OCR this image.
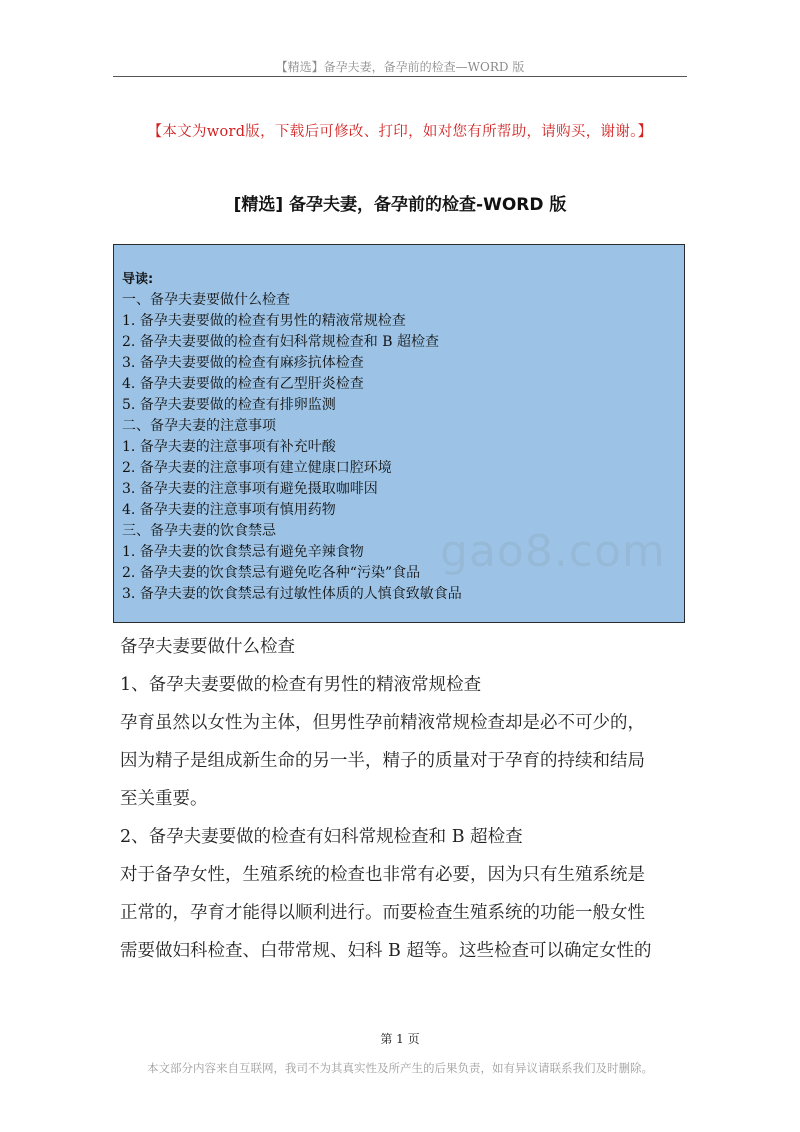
【精选】备孕夫妻，备孕前的检查—WORD 版
【本文为word版，下载后可修改、打印，如对您有所帮助，请购买，谢谢。】
[精选] 备孕夫妻，备孕前的检查-WORD 版
导读:
一、备孕夫妻要做什么检查
1. 备孕夫妻要做的检查有男性的精液常规检查
2. 备孕夫妻要做的检查有妇科常规检查和 B 超检查
3. 备孕夫妻要做的检查有麻疹抗体检查
4. 备孕夫妻要做的检查有乙型肝炎检查
5. 备孕夫妻要做的检查有排卵监测
二、备孕夫妻的注意事项
1. 备孕夫妻的注意事项有补充叶酸
2. 备孕夫妻的注意事项有建立健康口腔环境
3. 备孕夫妻的注意事项有避免摄取咖啡因
4. 备孕夫妻的注意事项有慎用药物
三、备孕夫妻的饮食禁忌
1. 备孕夫妻的饮食禁忌有避免辛辣食物
2. 备孕夫妻的饮食禁忌有避免吃各种“污染”食品
3. 备孕夫妻的饮食禁忌有过敏性体质的人慎食致敏食品
gao8.com

备孕夫妻要做什么检查

1、备孕夫妻要做的检查有男性的精液常规检查

孕育虽然以女性为主体，但男性孕前精液常规检查却是必不可少的，

因为精子是组成新生命的另一半，精子的质量对于孕育的持续和结局

至关重要。

2、备孕夫妻要做的检查有妇科常规检查和 B 超检查

对于备孕女性，生殖系统的检查也非常有必要，因为只有生殖系统是

正常的，孕育才能得以顺利进行。而要检查生殖系统的功能一般女性

需要做妇科检查、白带常规、妇科 B 超等。这些检查可以确定女性的

第 1 页
本文部分内容来自互联网，我司不为其真实性及所产生的后果负责，如有异议请联系我们及时删除。
